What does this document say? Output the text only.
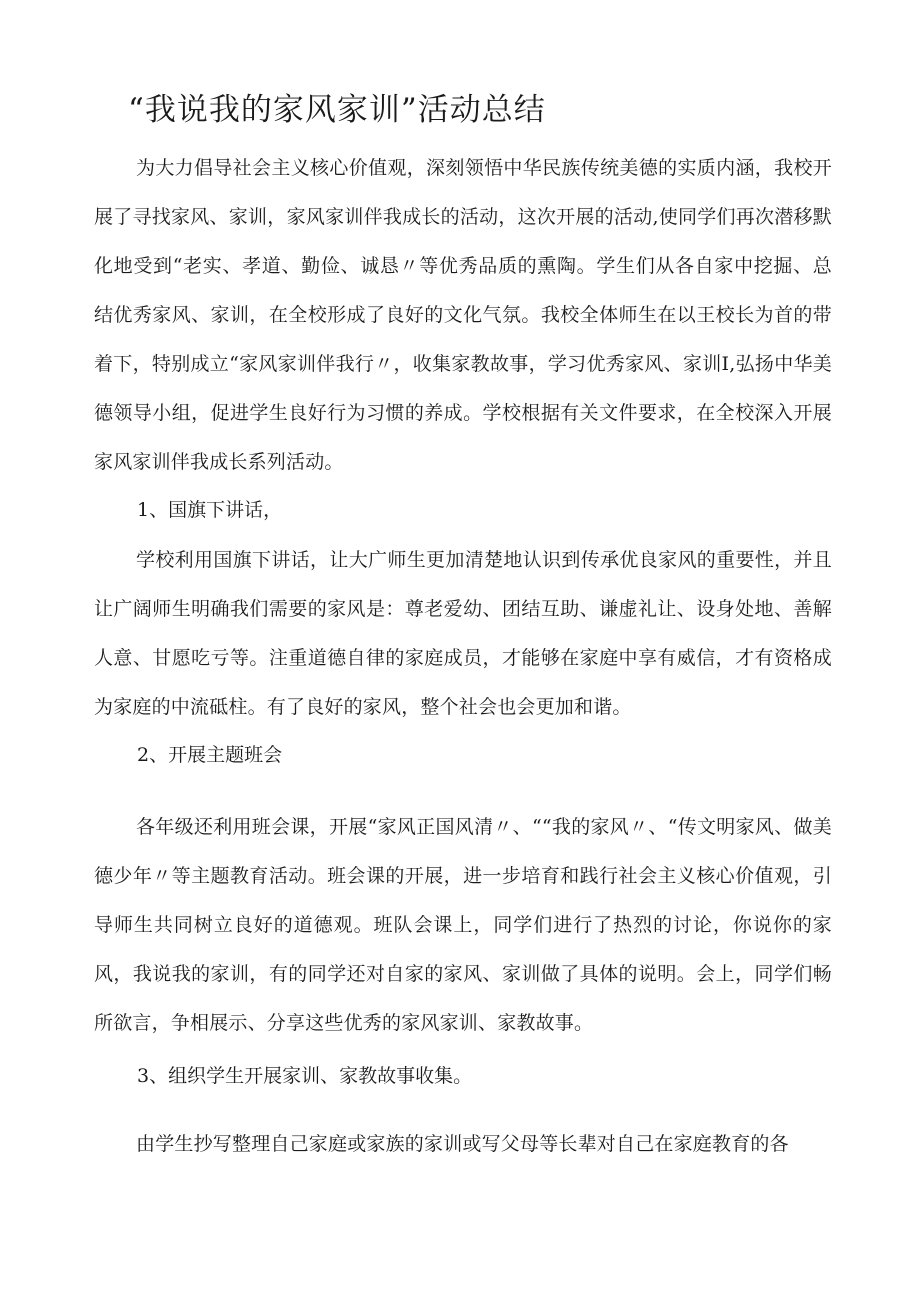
“我说我的家风家训”活动总结

为大力倡导社会主义核心价值观，深刻领悟中华民族传统美德的实质内涵，我校开展了寻找家风、家训，家风家训伴我成长的活动，这次开展的活动,使同学们再次潜移默化地受到“老实、孝道、勤俭、诚恳〃等优秀品质的熏陶。学生们从各自家中挖掘、总结优秀家风、家训，在全校形成了良好的文化气氛。我校全体师生在以王校长为首的带着下，特别成立“家风家训伴我行〃，收集家教故事，学习优秀家风、家训I,弘扬中华美德领导小组，促进学生良好行为习惯的养成。学校根据有关文件要求，在全校深入开展家风家训伴我成长系列活动。

1、国旗下讲话，

学校利用国旗下讲话，让大广师生更加清楚地认识到传承优良家风的重要性，并且让广阔师生明确我们需要的家风是：尊老爱幼、团结互助、谦虚礼让、设身处地、善解人意、甘愿吃亏等。注重道德自律的家庭成员，才能够在家庭中享有威信，才有资格成为家庭的中流砥柱。有了良好的家风，整个社会也会更加和谐。

2、开展主题班会

各年级还利用班会课，开展“家风正国风清〃、““我的家风〃、“传文明家风、做美德少年〃等主题教育活动。班会课的开展，进一步培育和践行社会主义核心价值观，引导师生共同树立良好的道德观。班队会课上，同学们进行了热烈的讨论，你说你的家风，我说我的家训，有的同学还对自家的家风、家训做了具体的说明。会上，同学们畅所欲言，争相展示、分享这些优秀的家风家训、家教故事。

3、组织学生开展家训、家教故事收集。

由学生抄写整理自己家庭或家族的家训或写父母等长辈对自己在家庭教育的各
